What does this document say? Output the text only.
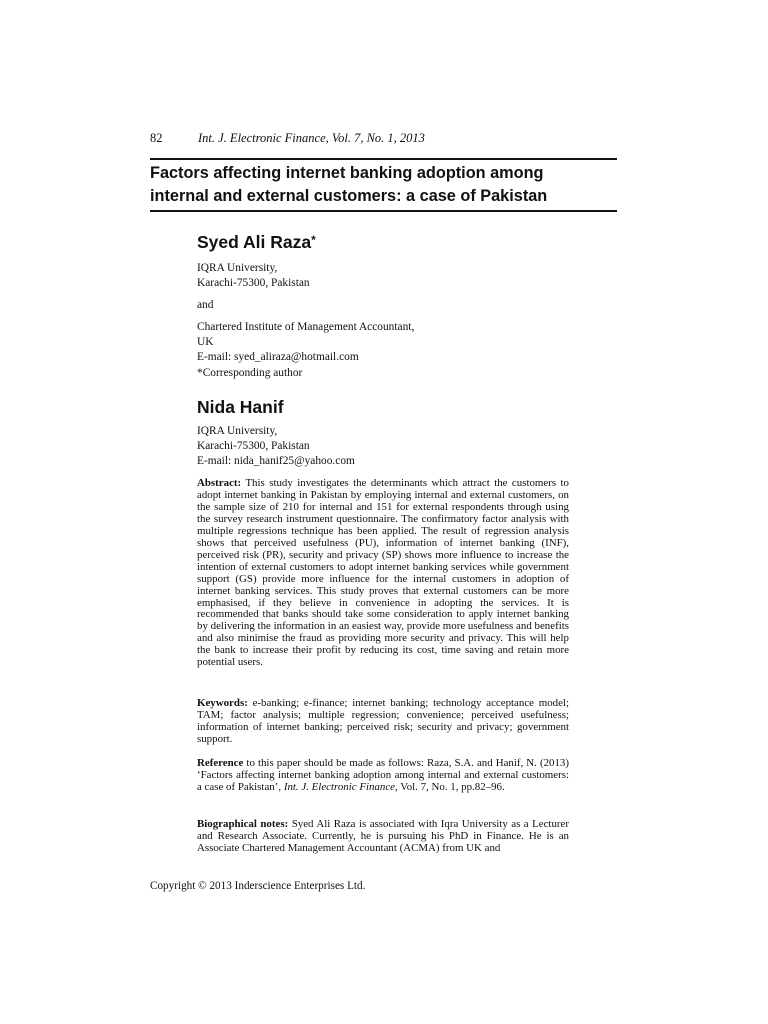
82	Int. J. Electronic Finance, Vol. 7, No. 1, 2013
Factors affecting internet banking adoption among
internal and external customers: a case of Pakistan
Syed Ali Raza*
IQRA University,
Karachi-75300, Pakistan
and
Chartered Institute of Management Accountant,
UK
E-mail: syed_aliraza@hotmail.com
*Corresponding author
Nida Hanif
IQRA University,
Karachi-75300, Pakistan
E-mail: nida_hanif25@yahoo.com

Abstract: This study investigates the determinants which attract the customers to adopt internet banking in Pakistan by employing internal and external customers, on the sample size of 210 for internal and 151 for external respondents through using the survey research instrument questionnaire. The confirmatory factor analysis with multiple regressions technique has been applied. The result of regression analysis shows that perceived usefulness (PU), information of internet banking (INF), perceived risk (PR), security and privacy (SP) shows more influence to increase the intention of external customers to adopt internet banking services while government support (GS) provide more influence for the internal customers in adoption of internet banking services. This study proves that external customers can be more emphasised, if they believe in convenience in adopting the services. It is recommended that banks should take some consideration to apply internet banking by delivering the information in an easiest way, provide more usefulness and benefits and also minimise the fraud as providing more security and privacy. This will help the bank to increase their profit by reducing its cost, time saving and retain more potential users.

Keywords: e-banking; e-finance; internet banking; technology acceptance model; TAM; factor analysis; multiple regression; convenience; perceived usefulness; information of internet banking; perceived risk; security and privacy; government support.

Reference to this paper should be made as follows: Raza, S.A. and Hanif, N. (2013) ‘Factors affecting internet banking adoption among internal and external customers: a case of Pakistan’, Int. J. Electronic Finance, Vol. 7, No. 1, pp.82–96.

Biographical notes: Syed Ali Raza is associated with Iqra University as a Lecturer and Research Associate. Currently, he is pursuing his PhD in Finance. He is an Associate Chartered Management Accountant (ACMA) from UK and

Copyright © 2013 Inderscience Enterprises Ltd.
